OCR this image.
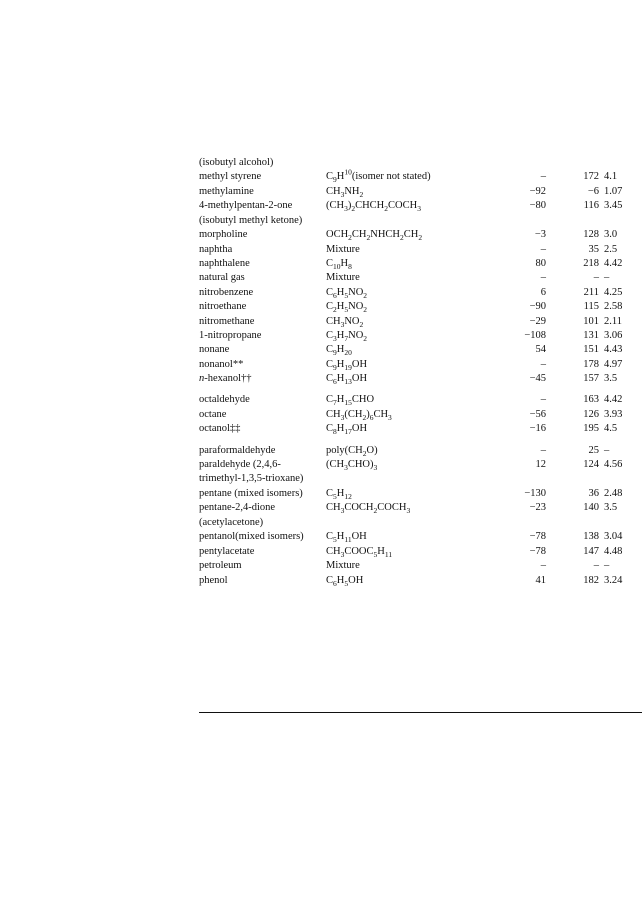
(isobutyl alcohol)
methyl styrene	$C_9H^{10}(isomer$ not stated)	–	172 4.1
methylamine	$CH_3NH_2$	−92	−6 1.07
4-methylpentan-2-one (isobutyl methyl ketone)
$(CH_3)_2CHCH_2COCH_3$	−80	116 3.45
morpholine	$OCH_2CH_2NHCH_2CH_2$	−3	128 3.0
naphtha	Mixture	–	35 2.5
naphthalene	$C_{10}H_8$	80	218 4.42
natural gas	Mixture	–	– –
nitrobenzene	$C_6H_5NO_2$	6	211 4.25
nitroethane	$C_2H_5NO_2$	−90	115 2.58
nitromethane	$CH_3NO_2$	−29	101 2.11
1-nitropropane	$C_3H_7NO_2$	−108	131 3.06
nonane	$C_9H_{20}$	54	151 4.43
nonanol**	$C_9H_{19}OH$	–	178 4.97
n-hexanol††	$C_6H_{13}OH$	−45	157 3.5
octaldehyde	$C_7H_{15}CHO$	–	163 4.42
octane	$CH_3(CH_2)_6CH_3$	−56	126 3.93
octanol‡‡	$C_8H_{17}OH$	−16	195 4.5
paraformaldehyde	$poly(CH_2O)$	–	25 –
paraldehyde (2,4,6-trimethyl-1,3,5-trioxane)
$(CH_3CHO)_3$	12	124 4.56
pentane (mixed isomers)	$C_5H_{12}$	−130	36 2.48
pentane-2,4-dione (acetylacetone)
$CH_3COCH_2COCH_3$	−23	140 3.5
pentanol(mixed isomers)	$C_5H_{11}OH$	−78	138 3.04
pentylacetate	$CH_3COOC_5H_{11}$	−78	147 4.48
petroleum	Mixture	–	– –
phenol	$C_6H_5OH$	41	182 3.24
